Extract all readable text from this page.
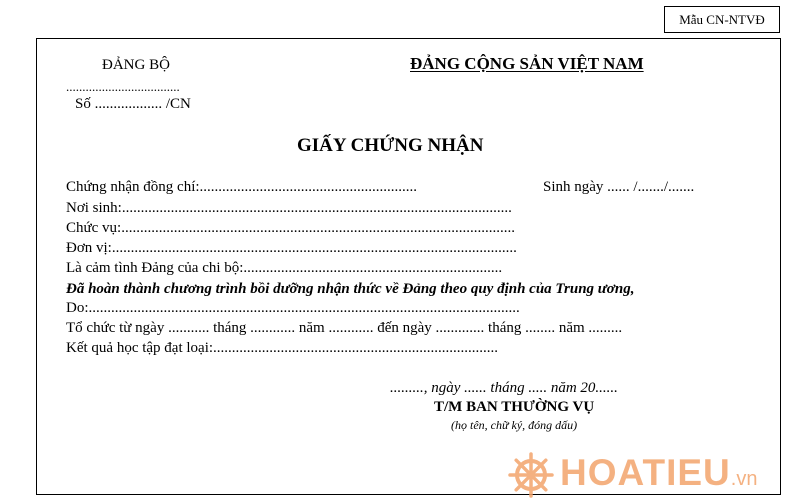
Mẫu CN-NTVĐ
ĐẢNG BỘ
...................................
Số .................. /CN
ĐẢNG CỘNG SẢN VIỆT NAM
GIẤY CHỨNG NHẬN
Chứng nhận đồng chí:..........................................................	Sinh ngày ...... /......./.......
Nơi sinh:........................................................................................................
Chức vụ:.........................................................................................................
Đơn vị:............................................................................................................
Là cảm tình Đảng của chi bộ:.....................................................................
Đã hoàn thành chương trình bồi dưỡng nhận thức về Đảng theo quy định của Trung ương,
Do:...................................................................................................................
Tổ chức từ ngày ........... tháng ............ năm ............ đến ngày ............. tháng ........ năm .........
Kết quả học tập đạt loại:............................................................................
........., ngày ...... tháng ..... năm 20......
T/M BAN THƯỜNG VỤ
(họ tên, chữ ký, đóng dấu)
HOATIEU.vn
